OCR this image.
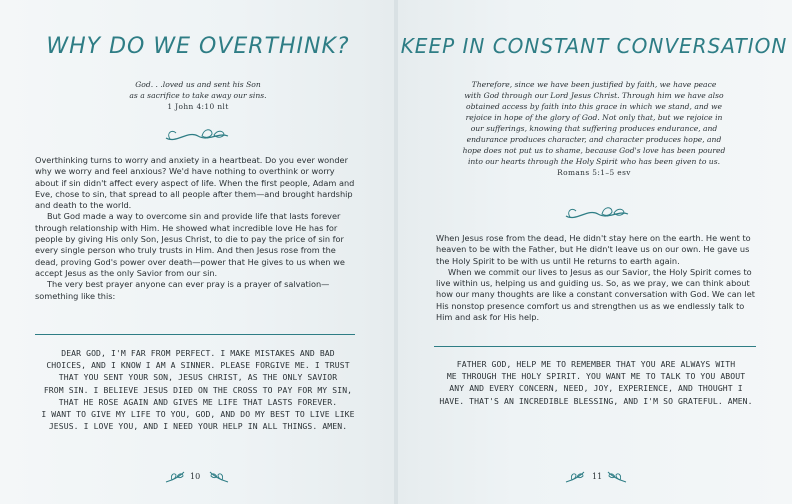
WHY DO WE OVERTHINK?
God. . .loved us and sent his Son
as a sacrifice to take away our sins.
1 John 4:10 nlt

Overthinking turns to worry and anxiety in a heartbeat. Do you ever wonder why we worry and feel anxious? We'd have nothing to overthink or worry about if sin didn't affect every aspect of life. When the first people, Adam and Eve, chose to sin, that spread to all people after them—and brought hardship and death to the world.

But God made a way to overcome sin and provide life that lasts forever through relationship with Him. He showed what incredible love He has for people by giving His only Son, Jesus Christ, to die to pay the price of sin for every single person who truly trusts in Him. And then Jesus rose from the dead, proving God's power over death—power that He gives to us when we accept Jesus as the only Savior from our sin.

The very best prayer anyone can ever pray is a prayer of salvation—something like this:

DEAR GOD, I'M FAR FROM PERFECT. I MAKE MISTAKES AND BAD
CHOICES, AND I KNOW I AM A SINNER. PLEASE FORGIVE ME. I TRUST
THAT YOU SENT YOUR SON, JESUS CHRIST, AS THE ONLY SAVIOR
FROM SIN. I BELIEVE JESUS DIED ON THE CROSS TO PAY FOR MY SIN,
THAT HE ROSE AGAIN AND GIVES ME LIFE THAT LASTS FOREVER.
I WANT TO GIVE MY LIFE TO YOU, GOD, AND DO MY BEST TO LIVE LIKE
JESUS. I LOVE YOU, AND I NEED YOUR HELP IN ALL THINGS. AMEN.
10
KEEP IN CONSTANT CONVERSATION
Therefore, since we have been justified by faith, we have peace
with God through our Lord Jesus Christ. Through him we have also
obtained access by faith into this grace in which we stand, and we
rejoice in hope of the glory of God. Not only that, but we rejoice in
our sufferings, knowing that suffering produces endurance, and
endurance produces character, and character produces hope, and
hope does not put us to shame, because God's love has been poured
into our hearts through the Holy Spirit who has been given to us.
Romans 5:1–5 esv

When Jesus rose from the dead, He didn't stay here on the earth. He went to heaven to be with the Father, but He didn't leave us on our own. He gave us the Holy Spirit to be with us until He returns to earth again.

When we commit our lives to Jesus as our Savior, the Holy Spirit comes to live within us, helping us and guiding us. So, as we pray, we can think about how our many thoughts are like a constant conversation with God. We can let His nonstop presence comfort us and strengthen us as we endlessly talk to Him and ask for His help.

FATHER GOD, HELP ME TO REMEMBER THAT YOU ARE ALWAYS WITH
ME THROUGH THE HOLY SPIRIT. YOU WANT ME TO TALK TO YOU ABOUT
ANY AND EVERY CONCERN, NEED, JOY, EXPERIENCE, AND THOUGHT I
HAVE. THAT'S AN INCREDIBLE BLESSING, AND I'M SO GRATEFUL. AMEN.
11
